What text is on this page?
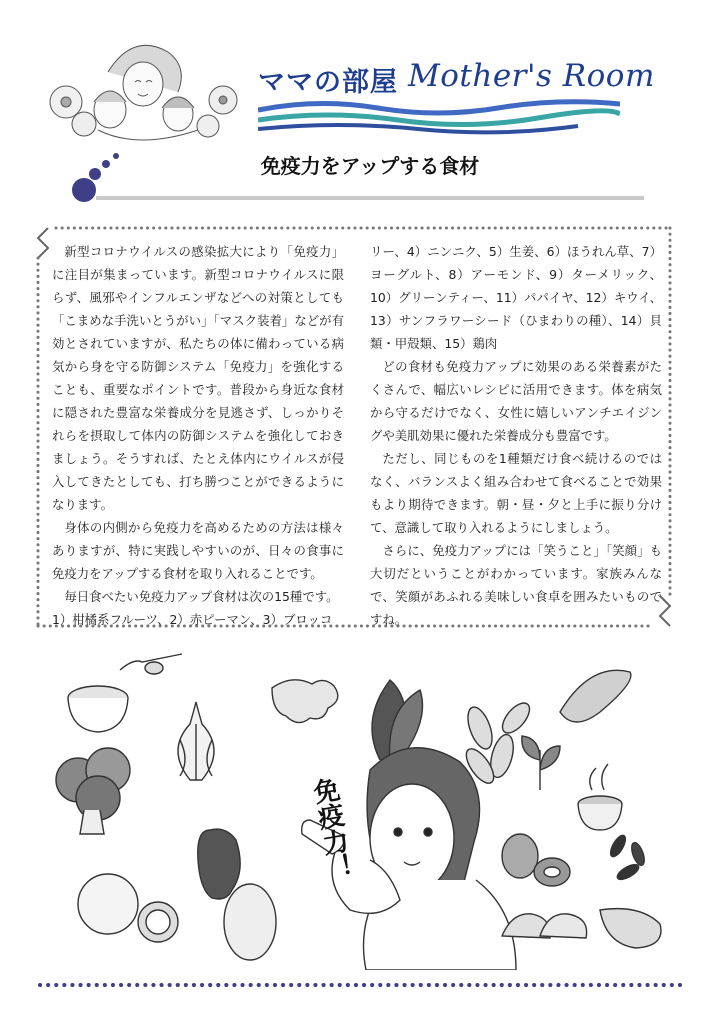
ママの部屋 Mother's Room
免疫力をアップする食材

新型コロナウイルスの感染拡大により「免疫力」に注目が集まっています。新型コロナウイルスに限らず、風邪やインフルエンザなどへの対策としても「こまめな手洗いとうがい」「マスク装着」などが有効とされていますが、私たちの体に備わっている病気から身を守る防御システム「免疫力」を強化することも、重要なポイントです。普段から身近な食材に隠された豊富な栄養成分を見逃さず、しっかりそれらを摂取して体内の防御システムを強化しておきましょう。そうすれば、たとえ体内にウイルスが侵入してきたとしても、打ち勝つことができるようになります。

身体の内側から免疫力を高めるための方法は様々ありますが、特に実践しやすいのが、日々の食事に免疫力をアップする食材を取り入れることです。

毎日食べたい免疫力アップ食材は次の15種です。

1）柑橘系フルーツ、2）赤ピーマン、3）ブロッコ

リー、4）ニンニク、5）生姜、6）ほうれん草、7）ヨーグルト、8）アーモンド、9）ターメリック、10）グリーンティー、11）パパイヤ、12）キウイ、13）サンフラワーシード（ひまわりの種）、14）貝類・甲殻類、15）鶏肉

どの食材も免疫力アップに効果のある栄養素がたくさんで、幅広いレシピに活用できます。体を病気から守るだけでなく、女性に嬉しいアンチエイジングや美肌効果に優れた栄養成分も豊富です。

ただし、同じものを1種類だけ食べ続けるのではなく、バランスよく組み合わせて食べることで効果もより期待できます。朝・昼・夕と上手に振り分けて、意識して取り入れるようにしましょう。

さらに、免疫力アップには「笑うこと」「笑顔」も大切だということがわかっています。家族みんなで、笑顔があふれる美味しい食卓を囲みたいものですね。

免疫力！
